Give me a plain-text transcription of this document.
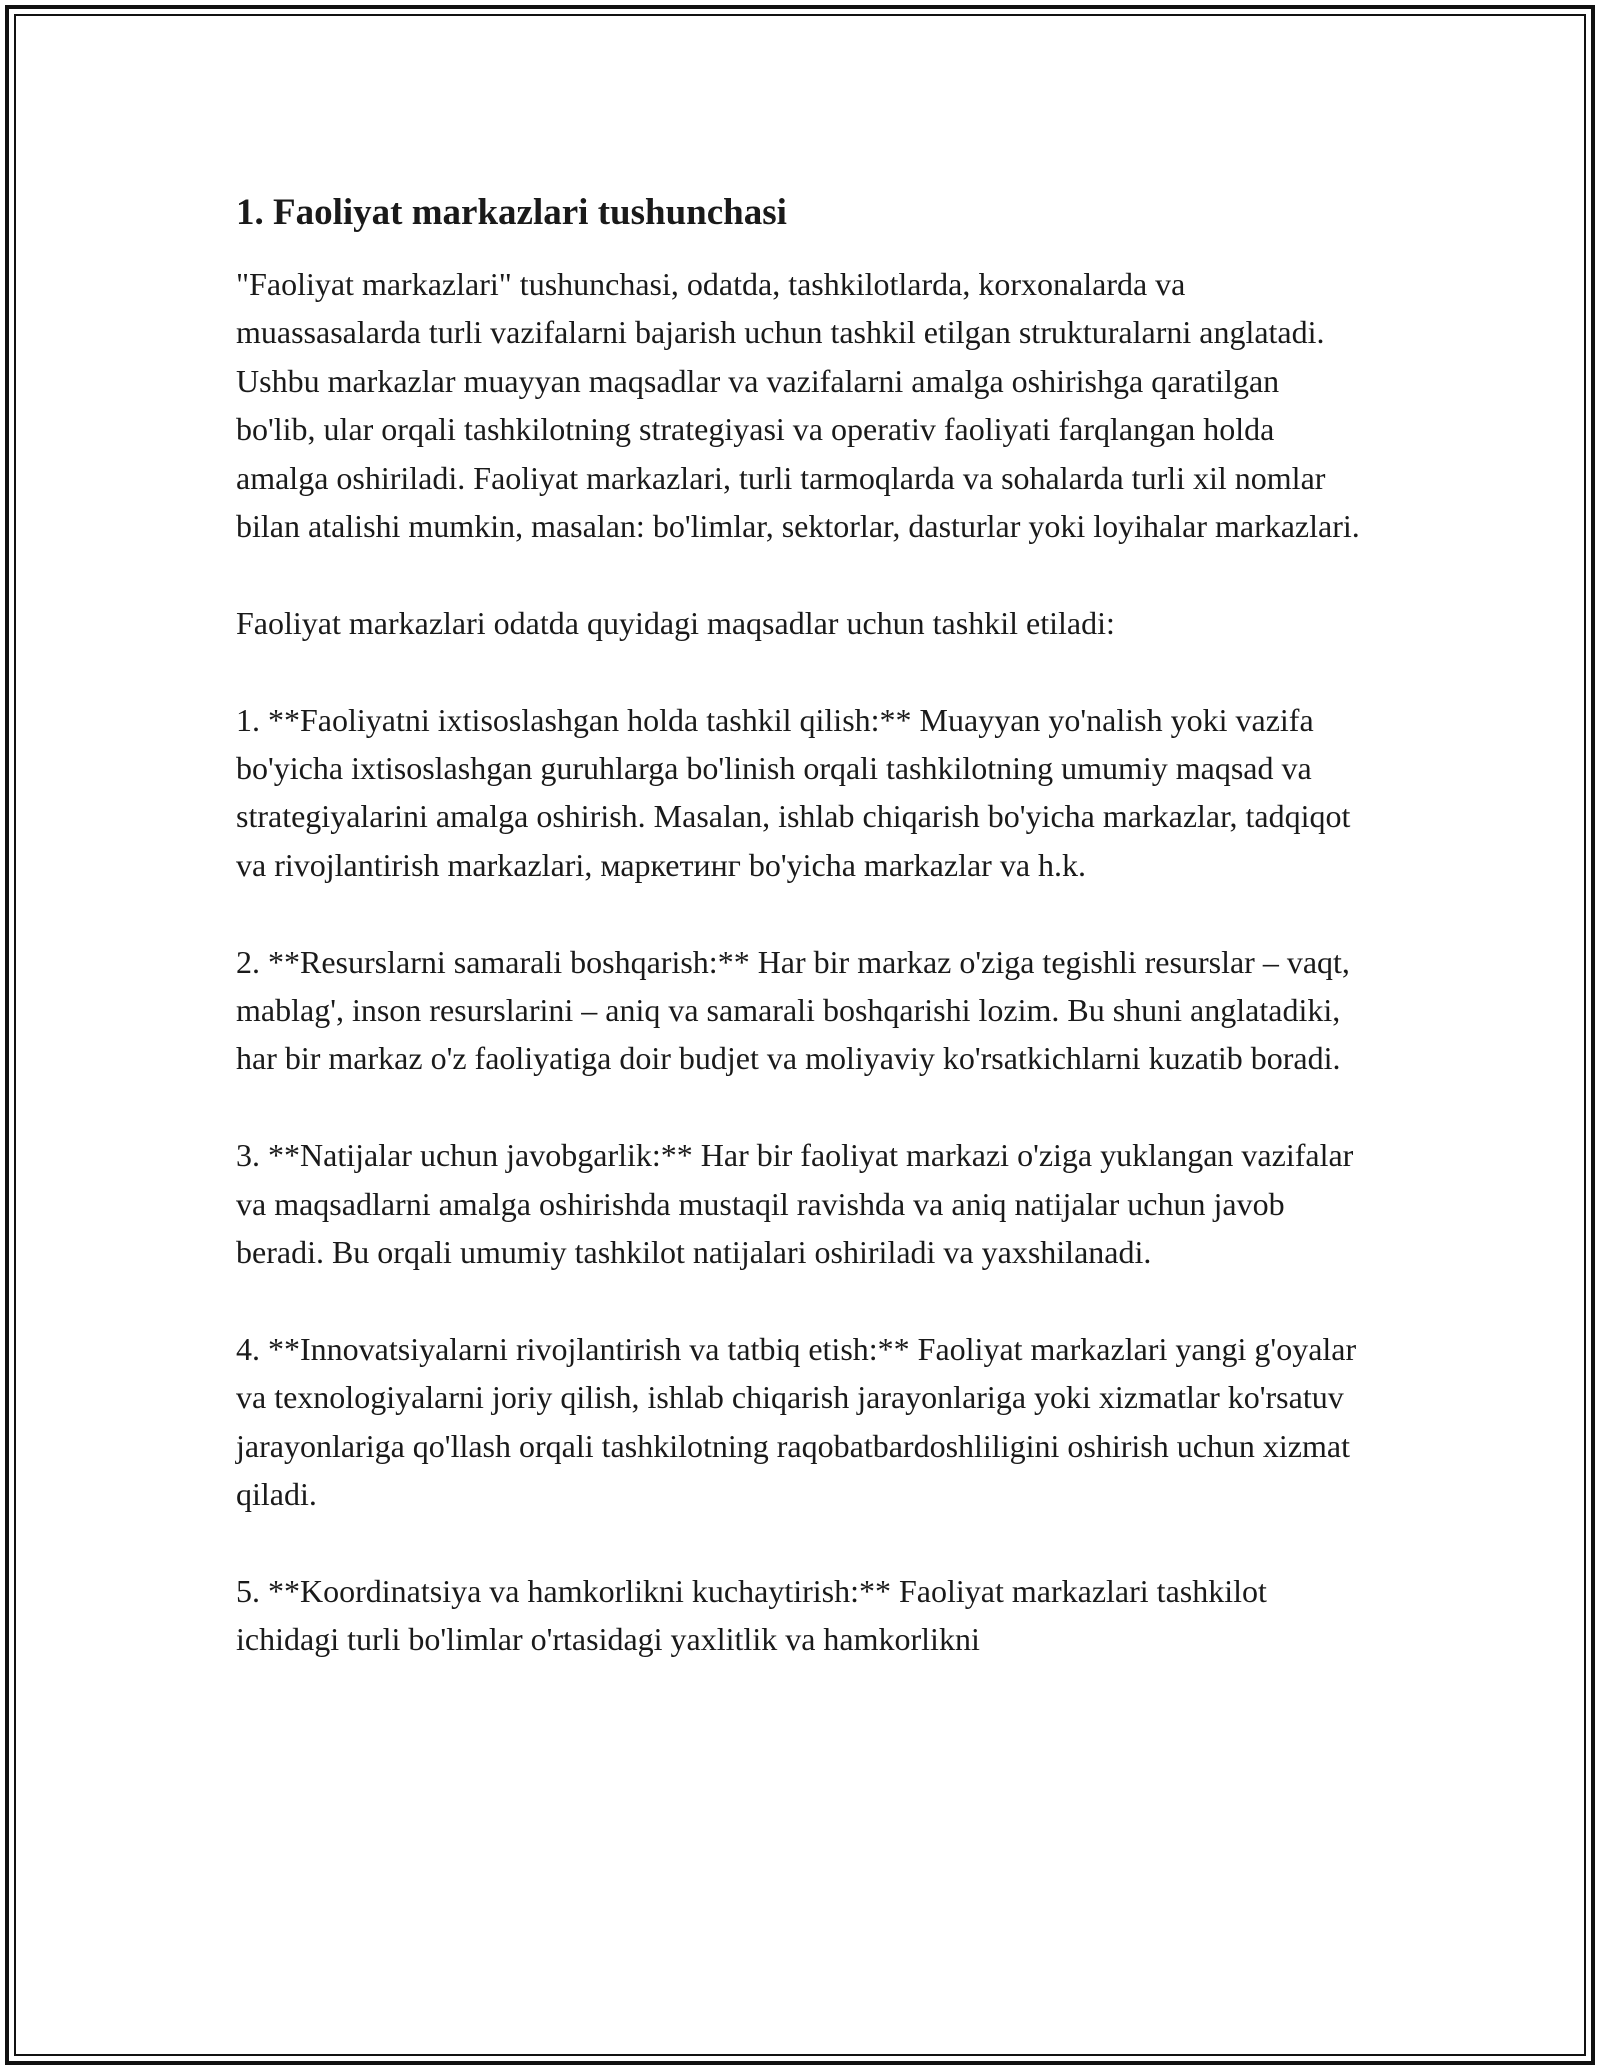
1. Faoliyat markazlari tushunchasi

"Faoliyat markazlari" tushunchasi, odatda, tashkilotlarda, korxonalarda va muassasalarda turli vazifalarni bajarish uchun tashkil etilgan strukturalarni anglatadi. Ushbu markazlar muayyan maqsadlar va vazifalarni amalga oshirishga qaratilgan bo'lib, ular orqali tashkilotning strategiyasi va operativ faoliyati farqlangan holda amalga oshiriladi. Faoliyat markazlari, turli tarmoqlarda va sohalarda turli xil nomlar bilan atalishi mumkin, masalan: bo'limlar, sektorlar, dasturlar yoki loyihalar markazlari.

Faoliyat markazlari odatda quyidagi maqsadlar uchun tashkil etiladi:

1. **Faoliyatni ixtisoslashgan holda tashkil qilish:** Muayyan yo'nalish yoki vazifa bo'yicha ixtisoslashgan guruhlarga bo'linish orqali tashkilotning umumiy maqsad va strategiyalarini amalga oshirish. Masalan, ishlab chiqarish bo'yicha markazlar, tadqiqot va rivojlantirish markazlari, маркетинг bo'yicha markazlar va h.k.

2. **Resurslarni samarali boshqarish:** Har bir markaz o'ziga tegishli resurslar – vaqt, mablag', inson resurslarini – aniq va samarali boshqarishi lozim. Bu shuni anglatadiki, har bir markaz o'z faoliyatiga doir budjet va moliyaviy ko'rsatkichlarni kuzatib boradi.

3. **Natijalar uchun javobgarlik:** Har bir faoliyat markazi o'ziga yuklangan vazifalar va maqsadlarni amalga oshirishda mustaqil ravishda va aniq natijalar uchun javob beradi. Bu orqali umumiy tashkilot natijalari oshiriladi va yaxshilanadi.

4. **Innovatsiyalarni rivojlantirish va tatbiq etish:** Faoliyat markazlari yangi g'oyalar va texnologiyalarni joriy qilish, ishlab chiqarish jarayonlariga yoki xizmatlar ko'rsatuv jarayonlariga qo'llash orqali tashkilotning raqobatbardoshliligini oshirish uchun xizmat qiladi.

5. **Koordinatsiya va hamkorlikni kuchaytirish:** Faoliyat markazlari tashkilot ichidagi turli bo'limlar o'rtasidagi yaxlitlik va hamkorlikni
